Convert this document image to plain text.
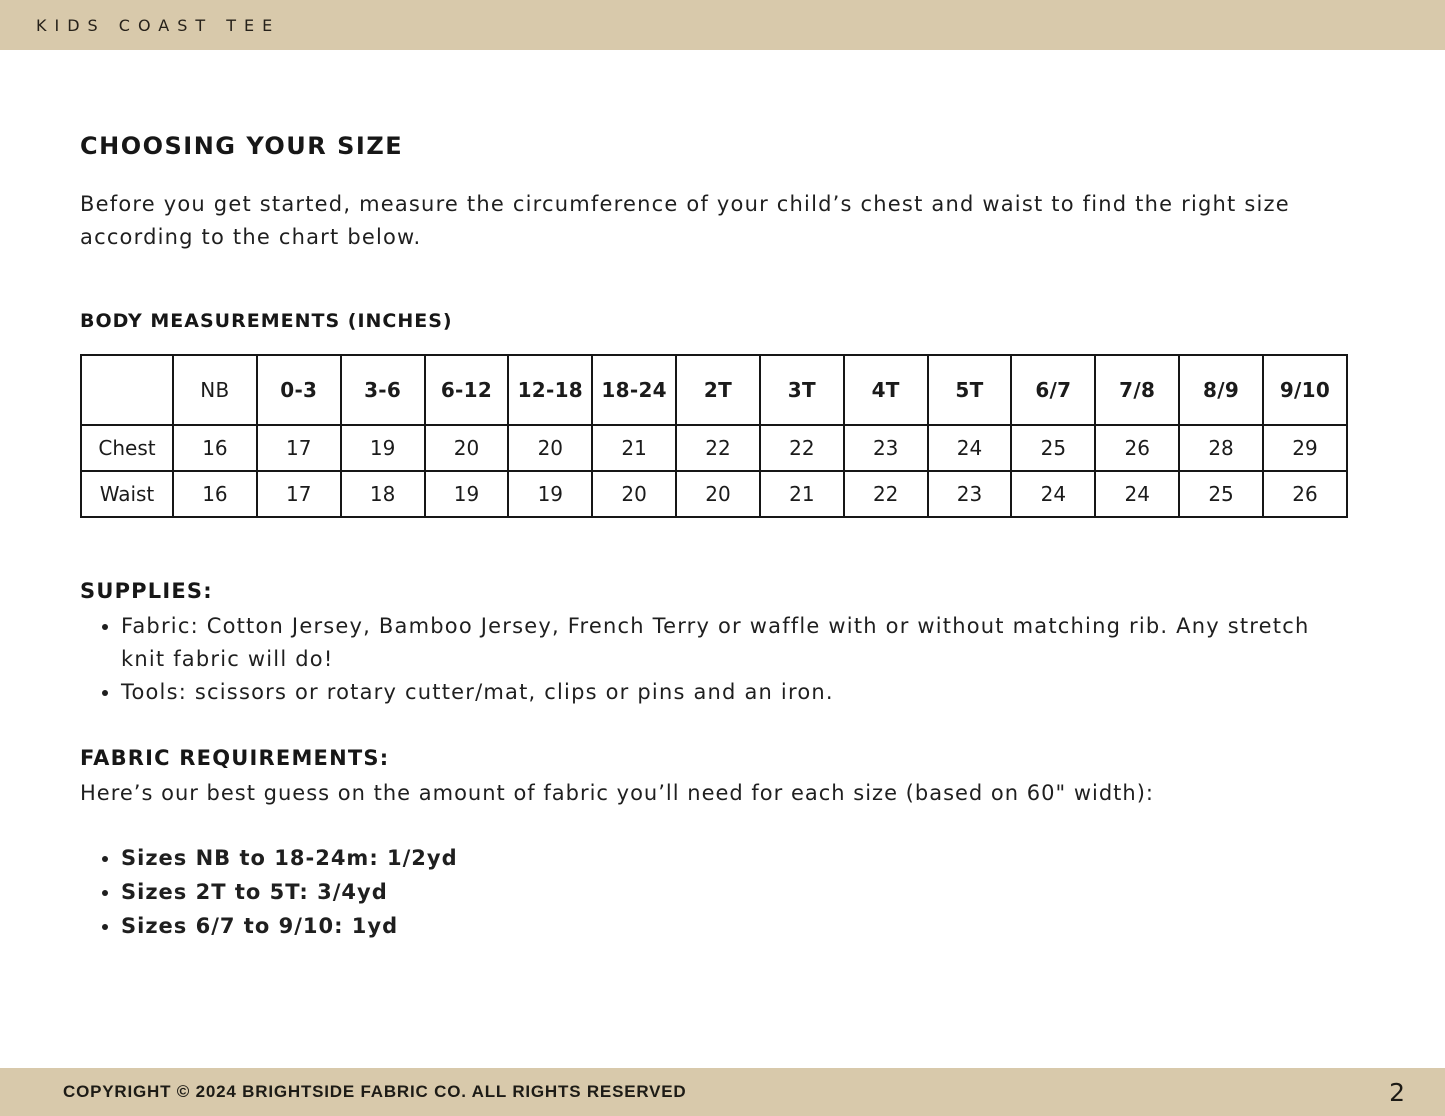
KIDS COAST TEE
CHOOSING YOUR SIZE

Before you get started, measure the circumference of your child’s chest and waist to find the right size according to the chart below.

BODY MEASUREMENTS (INCHES)
	NB	0-3	3-6	6-12	12-18	18-24	2T	3T	4T	5T	6/7	7/8	8/9	9/10
Chest	16	17	19	20	20	21	22	22	23	24	25	26	28	29
Waist	16	17	18	19	19	20	20	21	22	23	24	24	25	26
SUPPLIES:
• Fabric: Cotton Jersey, Bamboo Jersey, French Terry or waffle with or without matching rib. Any stretch knit fabric will do!
• Tools: scissors or rotary cutter/mat, clips or pins and an iron.
FABRIC REQUIREMENTS:

Here’s our best guess on the amount of fabric you’ll need for each size (based on 60" width):

• Sizes NB to 18-24m: 1/2yd
• Sizes 2T to 5T: 3/4yd
• Sizes 6/7 to 9/10: 1yd
COPYRIGHT © 2024 BRIGHTSIDE FABRIC CO. ALL RIGHTS RESERVED	2
